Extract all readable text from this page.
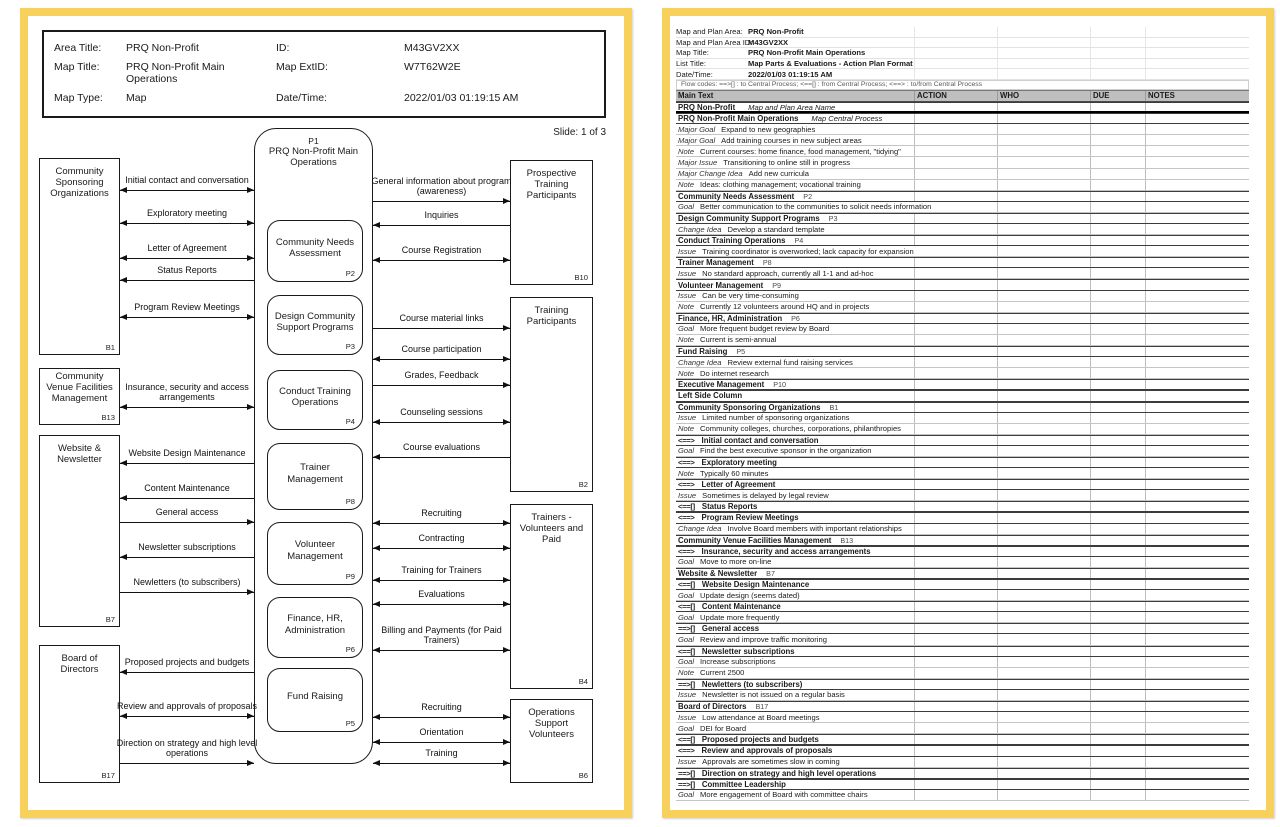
Area Title:	PRQ Non-Profit	ID:	M43GV2XX
Map Title:	PRQ Non-Profit Main Operations
Map ExtID:	W7T62W2E
Map Type:	Map	Date/Time:	2022/01/03 01:19:15 AM
Slide: 1 of 3
P1
PRQ Non-Profit Main Operations
Community Needs Assessment
P2
Design Community Support Programs
P3
Conduct Training Operations
P4
Trainer Management
P8
Volunteer Management
P9
Finance, HR, Administration
P6
Fund Raising
P5
Community Sponsoring Organizations
B1
Community Venue Facilities Management
B13
Website & Newsletter
B7
Board of Directors
B17
Prospective Training Participants
B10
Training Participants
B2
Trainers - Volunteers and Paid
B4
Operations Support Volunteers
B6
Initial contact and conversation
Exploratory meeting
Letter of Agreement
Status Reports
Program Review Meetings
Insurance, security and access arrangements
Website Design Maintenance
Content Maintenance
General access
Newsletter subscriptions
Newletters (to subscribers)
Proposed projects and budgets
Review and approvals of proposals
Direction on strategy and high level operations
General information about program (awareness)
Inquiries
Course Registration
Course material links
Course participation
Grades, Feedback
Counseling sessions
Course evaluations
Recruiting
Contracting
Training for Trainers
Evaluations
Billing and Payments (for Paid Trainers)
Recruiting
Orientation
Training
Map and Plan Area: PRQ Non-Profit
Map and Plan Area ID:
M43GV2XX
Map Title:	PRQ Non-Profit Main Operations
List Title:	Map Parts & Evaluations - Action Plan Format
Date/Time:	2022/01/03 01:19:15 AM
Flow codes: ==>[] : to Central Process; <==[] : from Central Process; <==> : to/from Central Process
Main Text	ACTION	WHO	DUE	NOTES
PRQ Non-Profit Map and Plan Area Name
PRQ Non-Profit Main Operations Map Central Process
Major Goal Expand to new geographies
Major Goal Add training courses in new subject areas
Note Current courses: home finance, food management, "tidying"
Major Issue Transitioning to online still in progress
Major Change Idea Add new curricula
Note Ideas: clothing management; vocational training
Community Needs Assessment P2
Goal Better communication to the communities to solicit needs information
Design Community Support Programs P3
Change Idea Develop a standard template
Conduct Training Operations P4
Issue Training coordinator is overworked; lack capacity for expansion
Trainer Management P8
Issue No standard approach, currently all 1-1 and ad-hoc
Volunteer Management P9
Issue Can be very time-consuming
Note Currently 12 volunteers around HQ and in projects
Finance, HR, Administration P6
Goal More frequent budget review by Board
Note Current is semi-annual
Fund Raising P5
Change Idea Review external fund raising services
Note Do internet research
Executive Management P10
Left Side Column
Community Sponsoring Organizations B1
Issue Limited number of sponsoring organizations
Note Community colleges, churches, corporations, philanthropies
<==> Initial contact and conversation
Goal Find the best executive sponsor in the organization
<==> Exploratory meeting
Note Typically 60 minutes
<==> Letter of Agreement
Issue Sometimes is delayed by legal review
<==[] Status Reports
<==> Program Review Meetings
Change Idea Involve Board members with important relationships
Community Venue Facilities Management B13
<==> Insurance, security and access arrangements
Goal Move to more on-line
Website & Newsletter B7
<==[] Website Design Maintenance
Goal Update design (seems dated)
<==[] Content Maintenance
Goal Update more frequently
==>[] General access
Goal Review and improve traffic monitoring
<==[] Newsletter subscriptions
Goal Increase subscriptions
Note Current 2500
==>[] Newletters (to subscribers)
Issue Newsletter is not issued on a regular basis
Board of Directors B17
Issue Low attendance at Board meetings
Goal DEI for Board
<==[] Proposed projects and budgets
<==> Review and approvals of proposals
Issue Approvals are sometimes slow in coming
==>[] Direction on strategy and high level operations
==>[] Committee Leadership
Goal More engagement of Board with committee chairs
